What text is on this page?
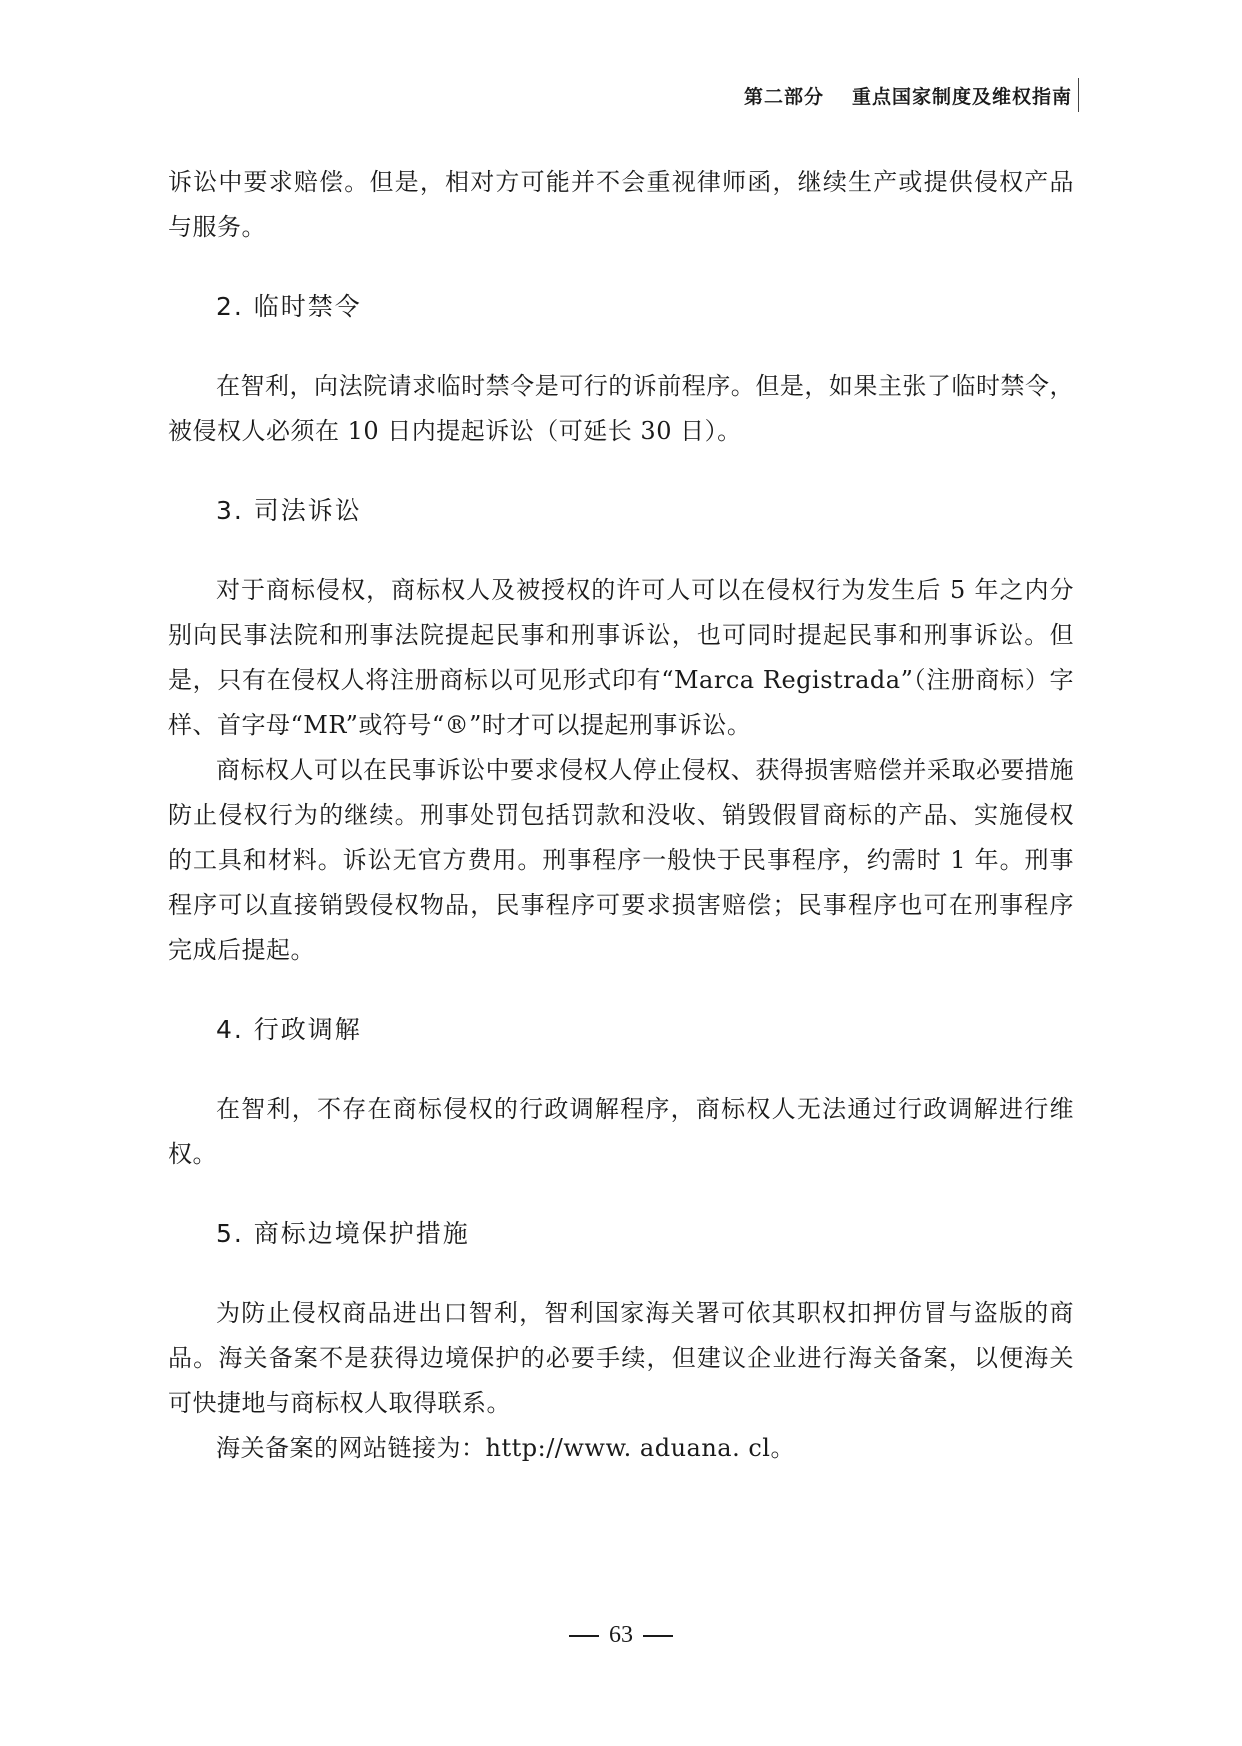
第二部分 重点国家制度及维权指南

诉讼中要求赔偿。但是，相对方可能并不会重视律师函，继续生产或提供侵权产品与服务。

2. 临时禁令

在智利，向法院请求临时禁令是可行的诉前程序。但是，如果主张了临时禁令，被侵权人必须在 10 日内提起诉讼（可延长 30 日）。

3. 司法诉讼

对于商标侵权，商标权人及被授权的许可人可以在侵权行为发生后 5 年之内分别向民事法院和刑事法院提起民事和刑事诉讼，也可同时提起民事和刑事诉讼。但是，只有在侵权人将注册商标以可见形式印有“Marca Registrada”（注册商标）字样、首字母“MR”或符号“®”时才可以提起刑事诉讼。

商标权人可以在民事诉讼中要求侵权人停止侵权、获得损害赔偿并采取必要措施防止侵权行为的继续。刑事处罚包括罚款和没收、销毁假冒商标的产品、实施侵权的工具和材料。诉讼无官方费用。刑事程序一般快于民事程序，约需时 1 年。刑事程序可以直接销毁侵权物品，民事程序可要求损害赔偿；民事程序也可在刑事程序完成后提起。

4. 行政调解

在智利，不存在商标侵权的行政调解程序，商标权人无法通过行政调解进行维权。

5. 商标边境保护措施

为防止侵权商品进出口智利，智利国家海关署可依其职权扣押仿冒与盗版的商品。海关备案不是获得边境保护的必要手续，但建议企业进行海关备案，以便海关可快捷地与商标权人取得联系。

海关备案的网站链接为：http://www. aduana. cl。

63
